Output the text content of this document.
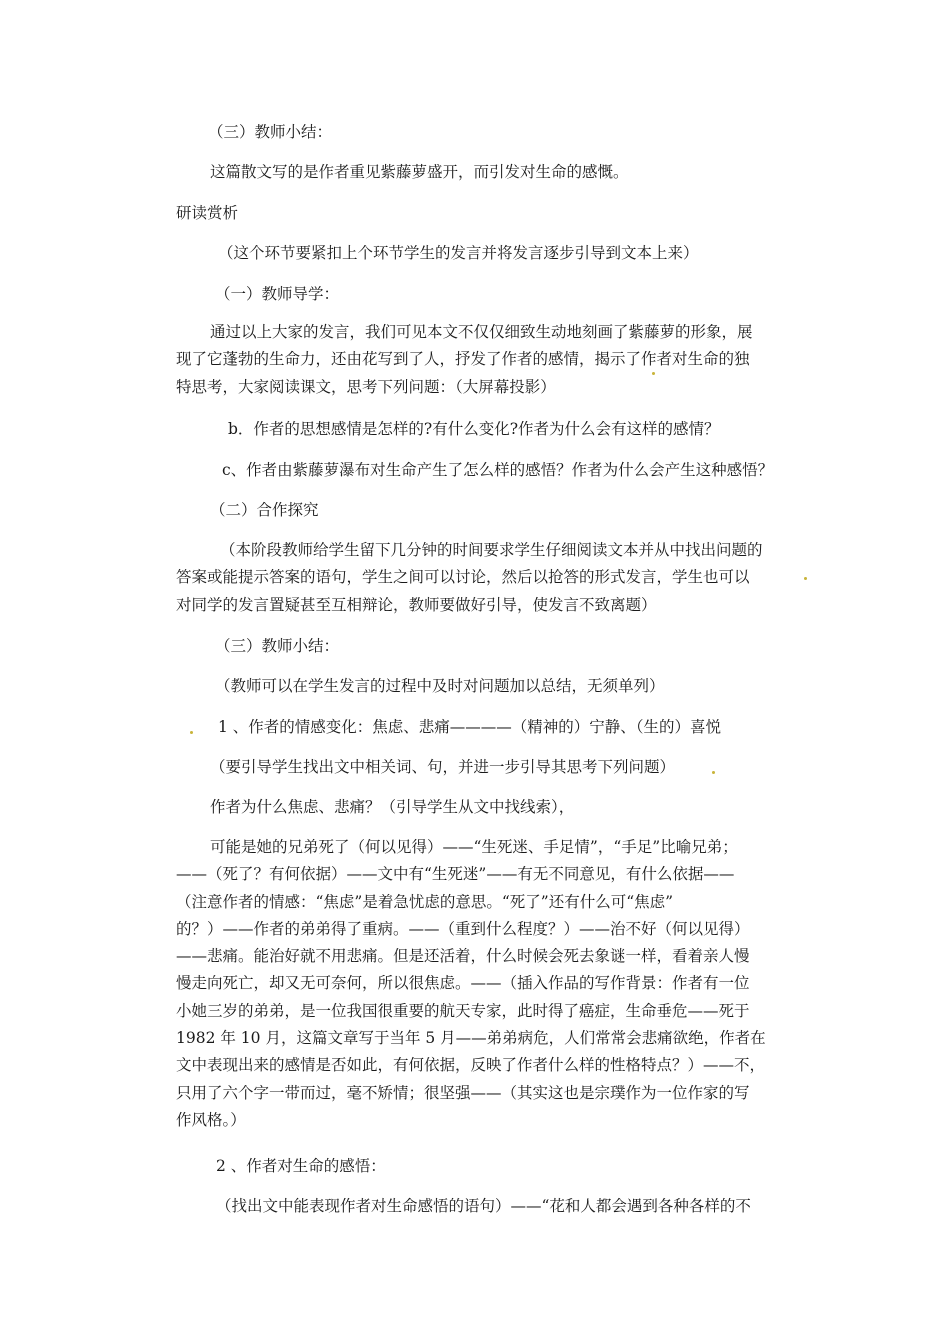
（三）教师小结：
这篇散文写的是作者重见紫藤萝盛开，而引发对生命的感慨。
研读赏析
（这个环节要紧扣上个环节学生的发言并将发言逐步引导到文本上来）
（一）教师导学：
通过以上大家的发言，我们可见本文不仅仅细致生动地刻画了紫藤萝的形象，展
现了它蓬勃的生命力，还由花写到了人，抒发了作者的感情，揭示了作者对生命的独
特思考，大家阅读课文，思考下列问题：（大屏幕投影）
b．作者的思想感情是怎样的?有什么变化?作者为什么会有这样的感情？
c、作者由紫藤萝瀑布对生命产生了怎么样的感悟？作者为什么会产生这种感悟？
（二）合作探究
（本阶段教师给学生留下几分钟的时间要求学生仔细阅读文本并从中找出问题的
答案或能提示答案的语句，学生之间可以讨论，然后以抢答的形式发言，学生也可以
对同学的发言置疑甚至互相辩论，教师要做好引导，使发言不致离题）
（三）教师小结：
（教师可以在学生发言的过程中及时对问题加以总结，无须单列）
1 、作者的情感变化：焦虑、悲痛————（精神的）宁静、（生的）喜悦
（要引导学生找出文中相关词、句，并进一步引导其思考下列问题）
作者为什么焦虑、悲痛？（引导学生从文中找线索），
可能是她的兄弟死了（何以见得）——“生死迷、手足情”，“手足”比喻兄弟；
——（死了？有何依据）——文中有“生死迷”——有无不同意见，有什么依据——
（注意作者的情感：“焦虑”是着急忧虑的意思。“死了”还有什么可“焦虑”
的？）——作者的弟弟得了重病。——（重到什么程度？）——治不好（何以见得）
——悲痛。能治好就不用悲痛。但是还活着，什么时候会死去象谜一样，看着亲人慢
慢走向死亡，却又无可奈何，所以很焦虑。——（插入作品的写作背景：作者有一位
小她三岁的弟弟，是一位我国很重要的航天专家，此时得了癌症，生命垂危——死于
1982 年 10 月，这篇文章写于当年 5 月——弟弟病危，人们常常会悲痛欲绝，作者在
文中表现出来的感情是否如此，有何依据，反映了作者什么样的性格特点？）——不，
只用了六个字一带而过，毫不矫情；很坚强——（其实这也是宗璞作为一位作家的写
作风格。）
2 、作者对生命的感悟：
（找出文中能表现作者对生命感悟的语句）——“花和人都会遇到各种各样的不
